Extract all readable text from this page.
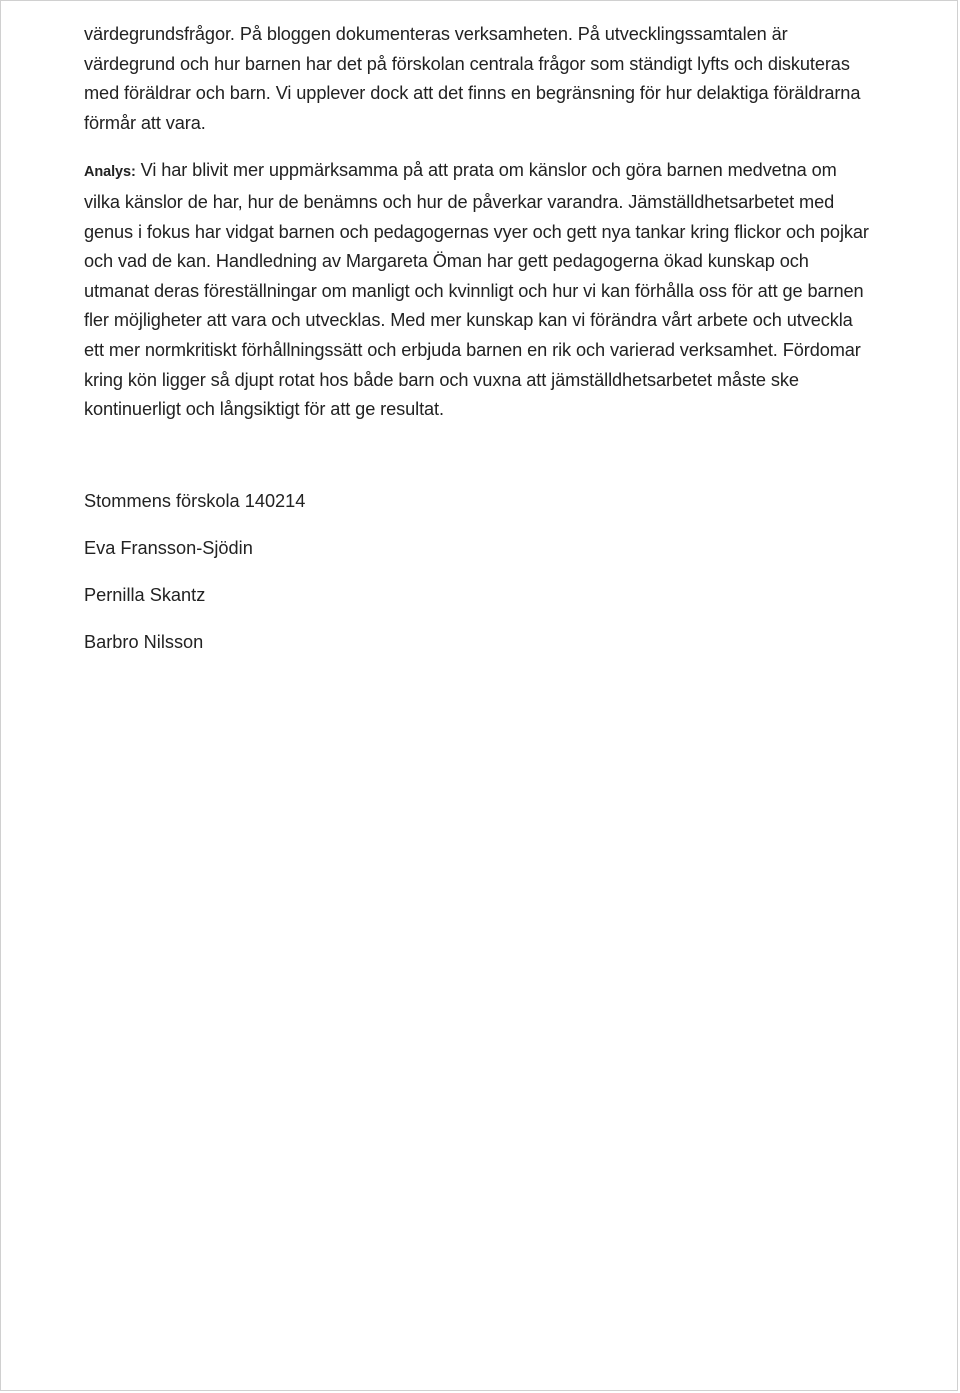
värdegrundsfrågor. På bloggen dokumenteras verksamheten. På utvecklingssamtalen är värdegrund och hur barnen har det på förskolan centrala frågor som ständigt lyfts och diskuteras med föräldrar och barn. Vi upplever dock att det finns en begränsning för hur delaktiga föräldrarna förmår att vara.

Analys: Vi har blivit mer uppmärksamma på att prata om känslor och göra barnen medvetna om vilka känslor de har, hur de benämns och hur de påverkar varandra. Jämställdhetsarbetet med genus i fokus har vidgat barnen och pedagogernas vyer och gett nya tankar kring flickor och pojkar och vad de kan. Handledning av Margareta Öman har gett pedagogerna ökad kunskap och utmanat deras föreställningar om manligt och kvinnligt och hur vi kan förhålla oss för att ge barnen fler möjligheter att vara och utvecklas. Med mer kunskap kan vi förändra vårt arbete och utveckla ett mer normkritiskt förhållningssätt och erbjuda barnen en rik och varierad verksamhet. Fördomar kring kön ligger så djupt rotat hos både barn och vuxna att jämställdhetsarbetet måste ske kontinuerligt och långsiktigt för att ge resultat.

Stommens förskola 140214
Eva Fransson-Sjödin
Pernilla Skantz
Barbro Nilsson
